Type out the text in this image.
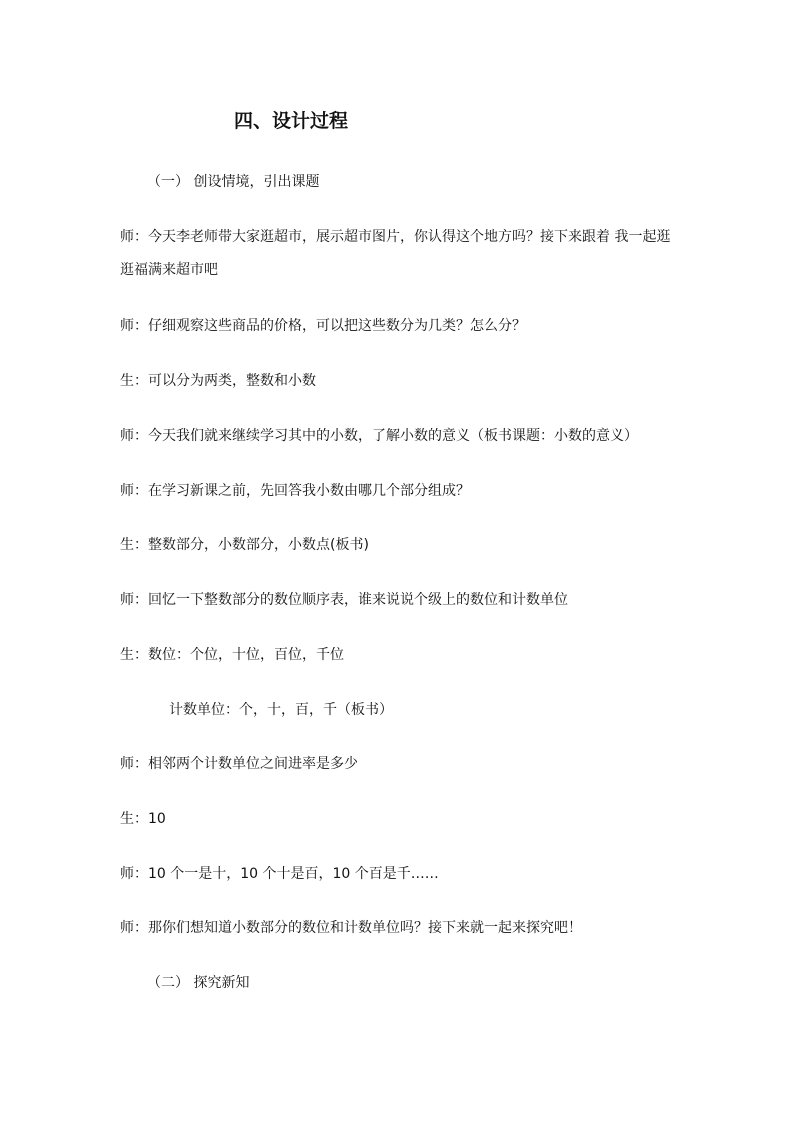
四、设计过程
（一） 创设情境，引出课题
师：今天李老师带大家逛超市，展示超市图片，你认得这个地方吗？接下来跟着 我一起逛
逛福满来超市吧
师：仔细观察这些商品的价格，可以把这些数分为几类？怎么分？
生：可以分为两类，整数和小数
师：今天我们就来继续学习其中的小数，了解小数的意义（板书课题：小数的意义）
师：在学习新课之前，先回答我小数由哪几个部分组成？
生：整数部分，小数部分，小数点(板书)
师：回忆一下整数部分的数位顺序表，谁来说说个级上的数位和计数单位
生：数位：个位，十位，百位，千位
计数单位：个，十，百，千（板书）
师：相邻两个计数单位之间进率是多少
生：10
师：10 个一是十，10 个十是百，10 个百是千……
师：那你们想知道小数部分的数位和计数单位吗？接下来就一起来探究吧！
（二） 探究新知
